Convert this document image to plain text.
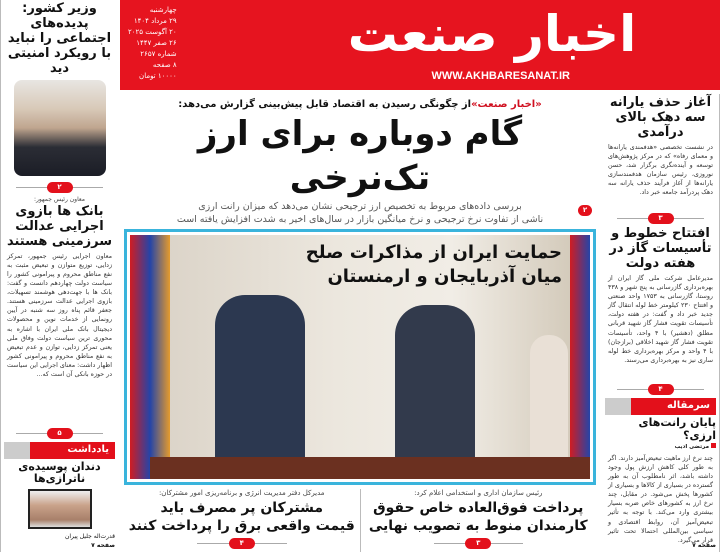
اخبار صنعت
WWW.AKHBARESANAT.IR
چهارشنبه
۲۹ مرداد ۱۴۰۴
۲۰ آگوست ۲۰۲۵
۲۶ صفر ۱۴۴۷
شماره ۲۶۵۷
۸ صفحه
۱۰۰۰۰ تومان
وزیر کشور: پدیده‌های اجتماعی را نباید با رویکرد امنیتی دید
۲
معاون رئیس جمهور:
بانک ها بازوی اجرایی عدالت سرزمینی هستند
معاون اجرایی رئیس جمهور، تمرکز زدایی، توزیع متوازن و تبعیض مثبت به نفع مناطق محروم و پیرامونی کشور را سیاست دولت چهاردهم دانست و گفت: بانک ها با جهت‌دهی هوشمند تسهیلات، بازوی اجرایی عدالت سرزمینی هستند. جعفر قائم پناه روز سه شنبه در آیین رونمایی از خدمات نوین و محصولات دیجیتال بانک ملی ایران با اشاره به محوری ترین سیاست دولت وفاق ملی یعنی تمرکز زدایی، توازن و عدم تبعیض به نفع مناطق محروم و پیرامونی کشور اظهار داشت: معنای اجرایی این سیاست در حوزه بانکی آن است که...
۵
یادداشت
دندان پوسیده‌ی ناترازی‌ها
قدرت‌اله جلیل پیران
صفحه ۷
«اخبار صنعت»از چگونگی رسیدن به اقتصاد قابل پیش‌بینی گزارش می‌دهد:
گام دوباره برای ارز تک‌نرخی
بررسی داده‌های مربوط به تخصیص ارز ترجیحی نشان می‌دهد که میزان رانت ارزی
ناشی از تفاوت نرخ ترجیحی و نرخ میانگین بازار در سال‌های اخیر به شدت افزایش یافته است
حمایت ایران از مذاکرات صلح
میان آذربایجان و ارمنستان
۲
رئیس سازمان اداری و استخدامی اعلام کرد:
پرداخت فوق‌العاده خاص حقوق
کارمندان منوط به تصویب نهایی
۳
مدیرکل دفتر مدیریت انرژی و برنامه‌ریزی امور مشترکان:
مشترکان پر مصرف باید
قیمت واقعی برق را پرداخت کنند
۴
آغاز حذف یارانه سه دهک بالای درآمدی
در نشست تخصصی «هدفمندی یارانه‌ها و معمای رفاه» که در مرکز پژوهش‌های توسعه و آینده‌نگری برگزار شد، حسن نوروزی، رئیس سازمان هدفمندسازی یارانه‌ها از آغاز فرآیند حذف یارانه سه دهک پردرآمد جامعه خبر داد.
۳
افتتاح خطوط و تأسیسات گاز در هفته دولت
مدیرعامل شرکت ملی گاز ایران از بهره‌برداری گازرسانی به پنج شهر و ۴۳۸ روستا، گازرسانی به ۱۷۵۳ واحد صنعتی و افتتاح ۲۳۰ کیلومتر خط لوله انتقال گاز جدید خبر داد و گفت: در هفته دولت، تأسیسات تقویت فشار گاز شهید قربانی مطلق (دهشیر) با ۴ واحد، تأسیسات تقویت فشار گاز شهید اخلاقی (برازجان) با ۴ واحد و مرکز بهره‌برداری خط لوله ساری نیز به بهره‌برداری می‌رسند.
۴
سرمقاله
پایان رانت‌های ارزی؟
مرتضی ادیب
چند نرخ ارز ماهیت تبعیض‌آمیز دارند. اگر به طور کلی کاهش ارزش پول وجود داشته باشد، اثر نامطلوب آن به طور گسترده در بسیاری از کالاها و بسیاری از کشورها پخش می‌شود. در مقابل، چند نرخ ارز به کشورهای خاص ضربه بسیار بیشتری وارد می‌کند. با توجه به تأثیر تبعیض‌آمیز آن، روابط اقتصادی و سیاسی بین‌المللی احتمالا تحت تاثیر قرار می‌گیرد.
صفحه ۷
